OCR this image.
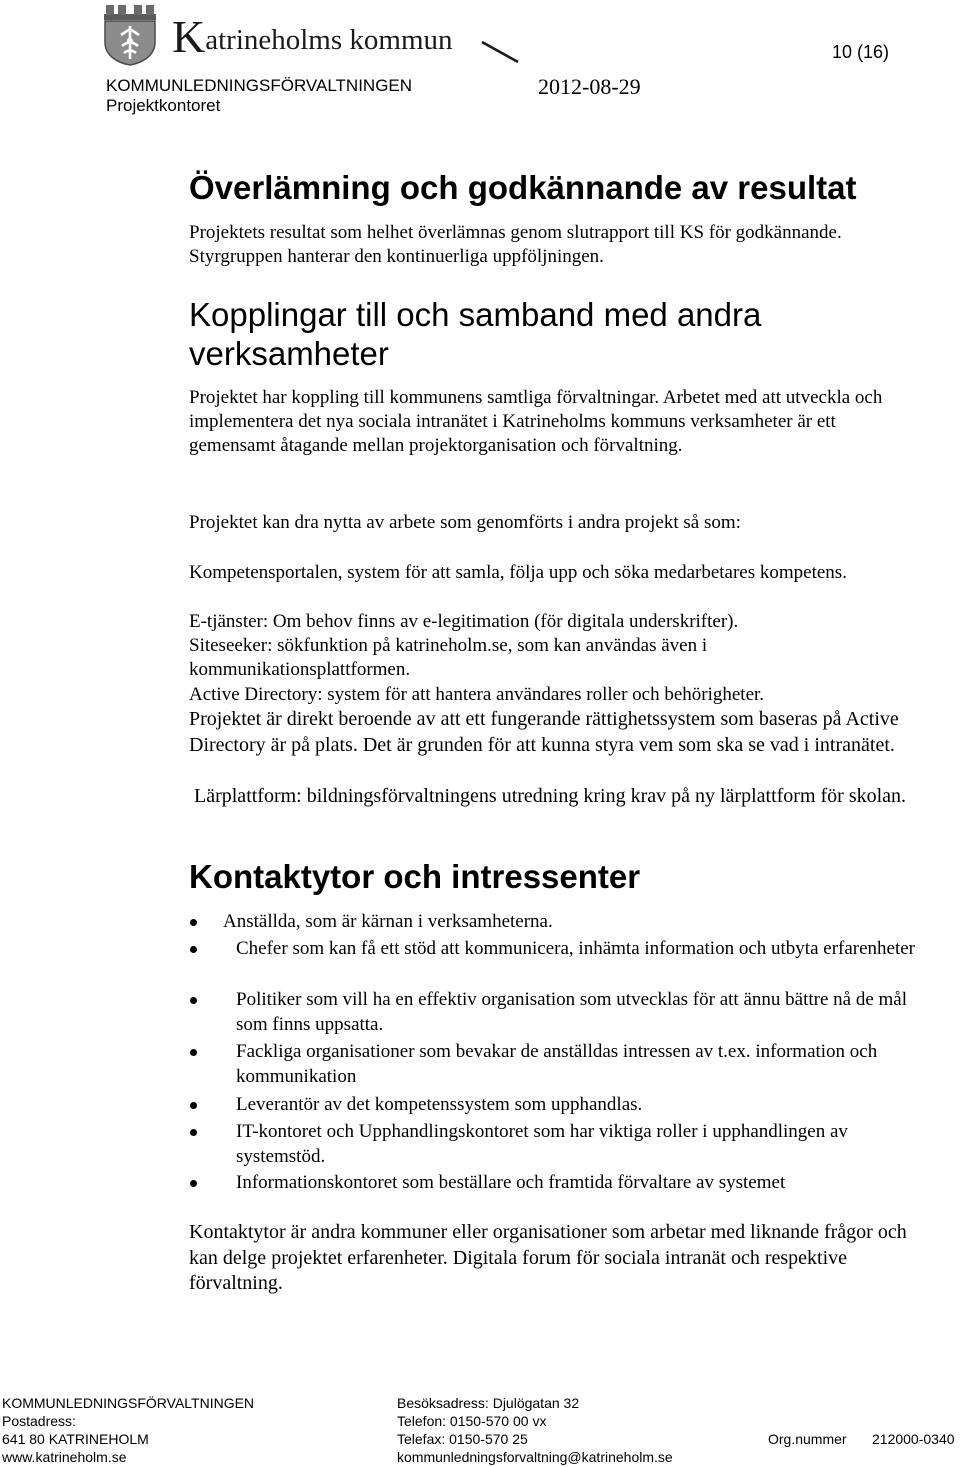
Katrineholms kommun	10 (16)
KOMMUNLEDNINGSFÖRVALTNINGEN	2012-08-29
Projektkontoret
Överlämning och godkännande av resultat

Projektets resultat som helhet överlämnas genom slutrapport till KS för godkännande. Styrgruppen hanterar den kontinuerliga uppföljningen.

Kopplingar till och samband med andra
verksamheter

Projektet har koppling till kommunens samtliga förvaltningar. Arbetet med att utveckla och implementera det nya sociala intranätet i Katrineholms kommuns verksamheter är ett gemensamt åtagande mellan projektorganisation och förvaltning.

Projektet kan dra nytta av arbete som genomförts i andra projekt så som:

Kompetensportalen, system för att samla, följa upp och söka medarbetares kompetens.

E-tjänster: Om behov finns av e-legitimation (för digitala underskrifter).

Siteseeker: sökfunktion på katrineholm.se, som kan användas även i kommunikationsplattformen.

Active Directory: system för att hantera användares roller och behörigheter.

Projektet är direkt beroende av att ett fungerande rättighetssystem som baseras på Active Directory är på plats. Det är grunden för att kunna styra vem som ska se vad i intranätet.

Lärplattform: bildningsförvaltningens utredning kring krav på ny lärplattform för skolan.

Kontaktytor och intressenter
Anställda, som är kärnan i verksamheterna.
Chefer som kan få ett stöd att kommunicera, inhämta information och utbyta erfarenheter
Politiker som vill ha en effektiv organisation som utvecklas för att ännu bättre nå de mål som finns uppsatta.
Fackliga organisationer som bevakar de anställdas intressen av t.ex. information och kommunikation
Leverantör av det kompetenssystem som upphandlas.
IT-kontoret och Upphandlingskontoret som har viktiga roller i upphandlingen av systemstöd.
Informationskontoret som beställare och framtida förvaltare av systemet

Kontaktytor är andra kommuner eller organisationer som arbetar med liknande frågor och kan delge projektet erfarenheter. Digitala forum för sociala intranät och respektive förvaltning.

KOMMUNLEDNINGSFÖRVALTNINGEN
Postadress:
641 80 KATRINEHOLM
www.katrineholm.se
Besöksadress: Djulögatan 32
Telefon: 0150-570 00 vx
Telefax: 0150-570 25
kommunledningsforvaltning@katrineholm.se
Org.nummer 212000-0340
